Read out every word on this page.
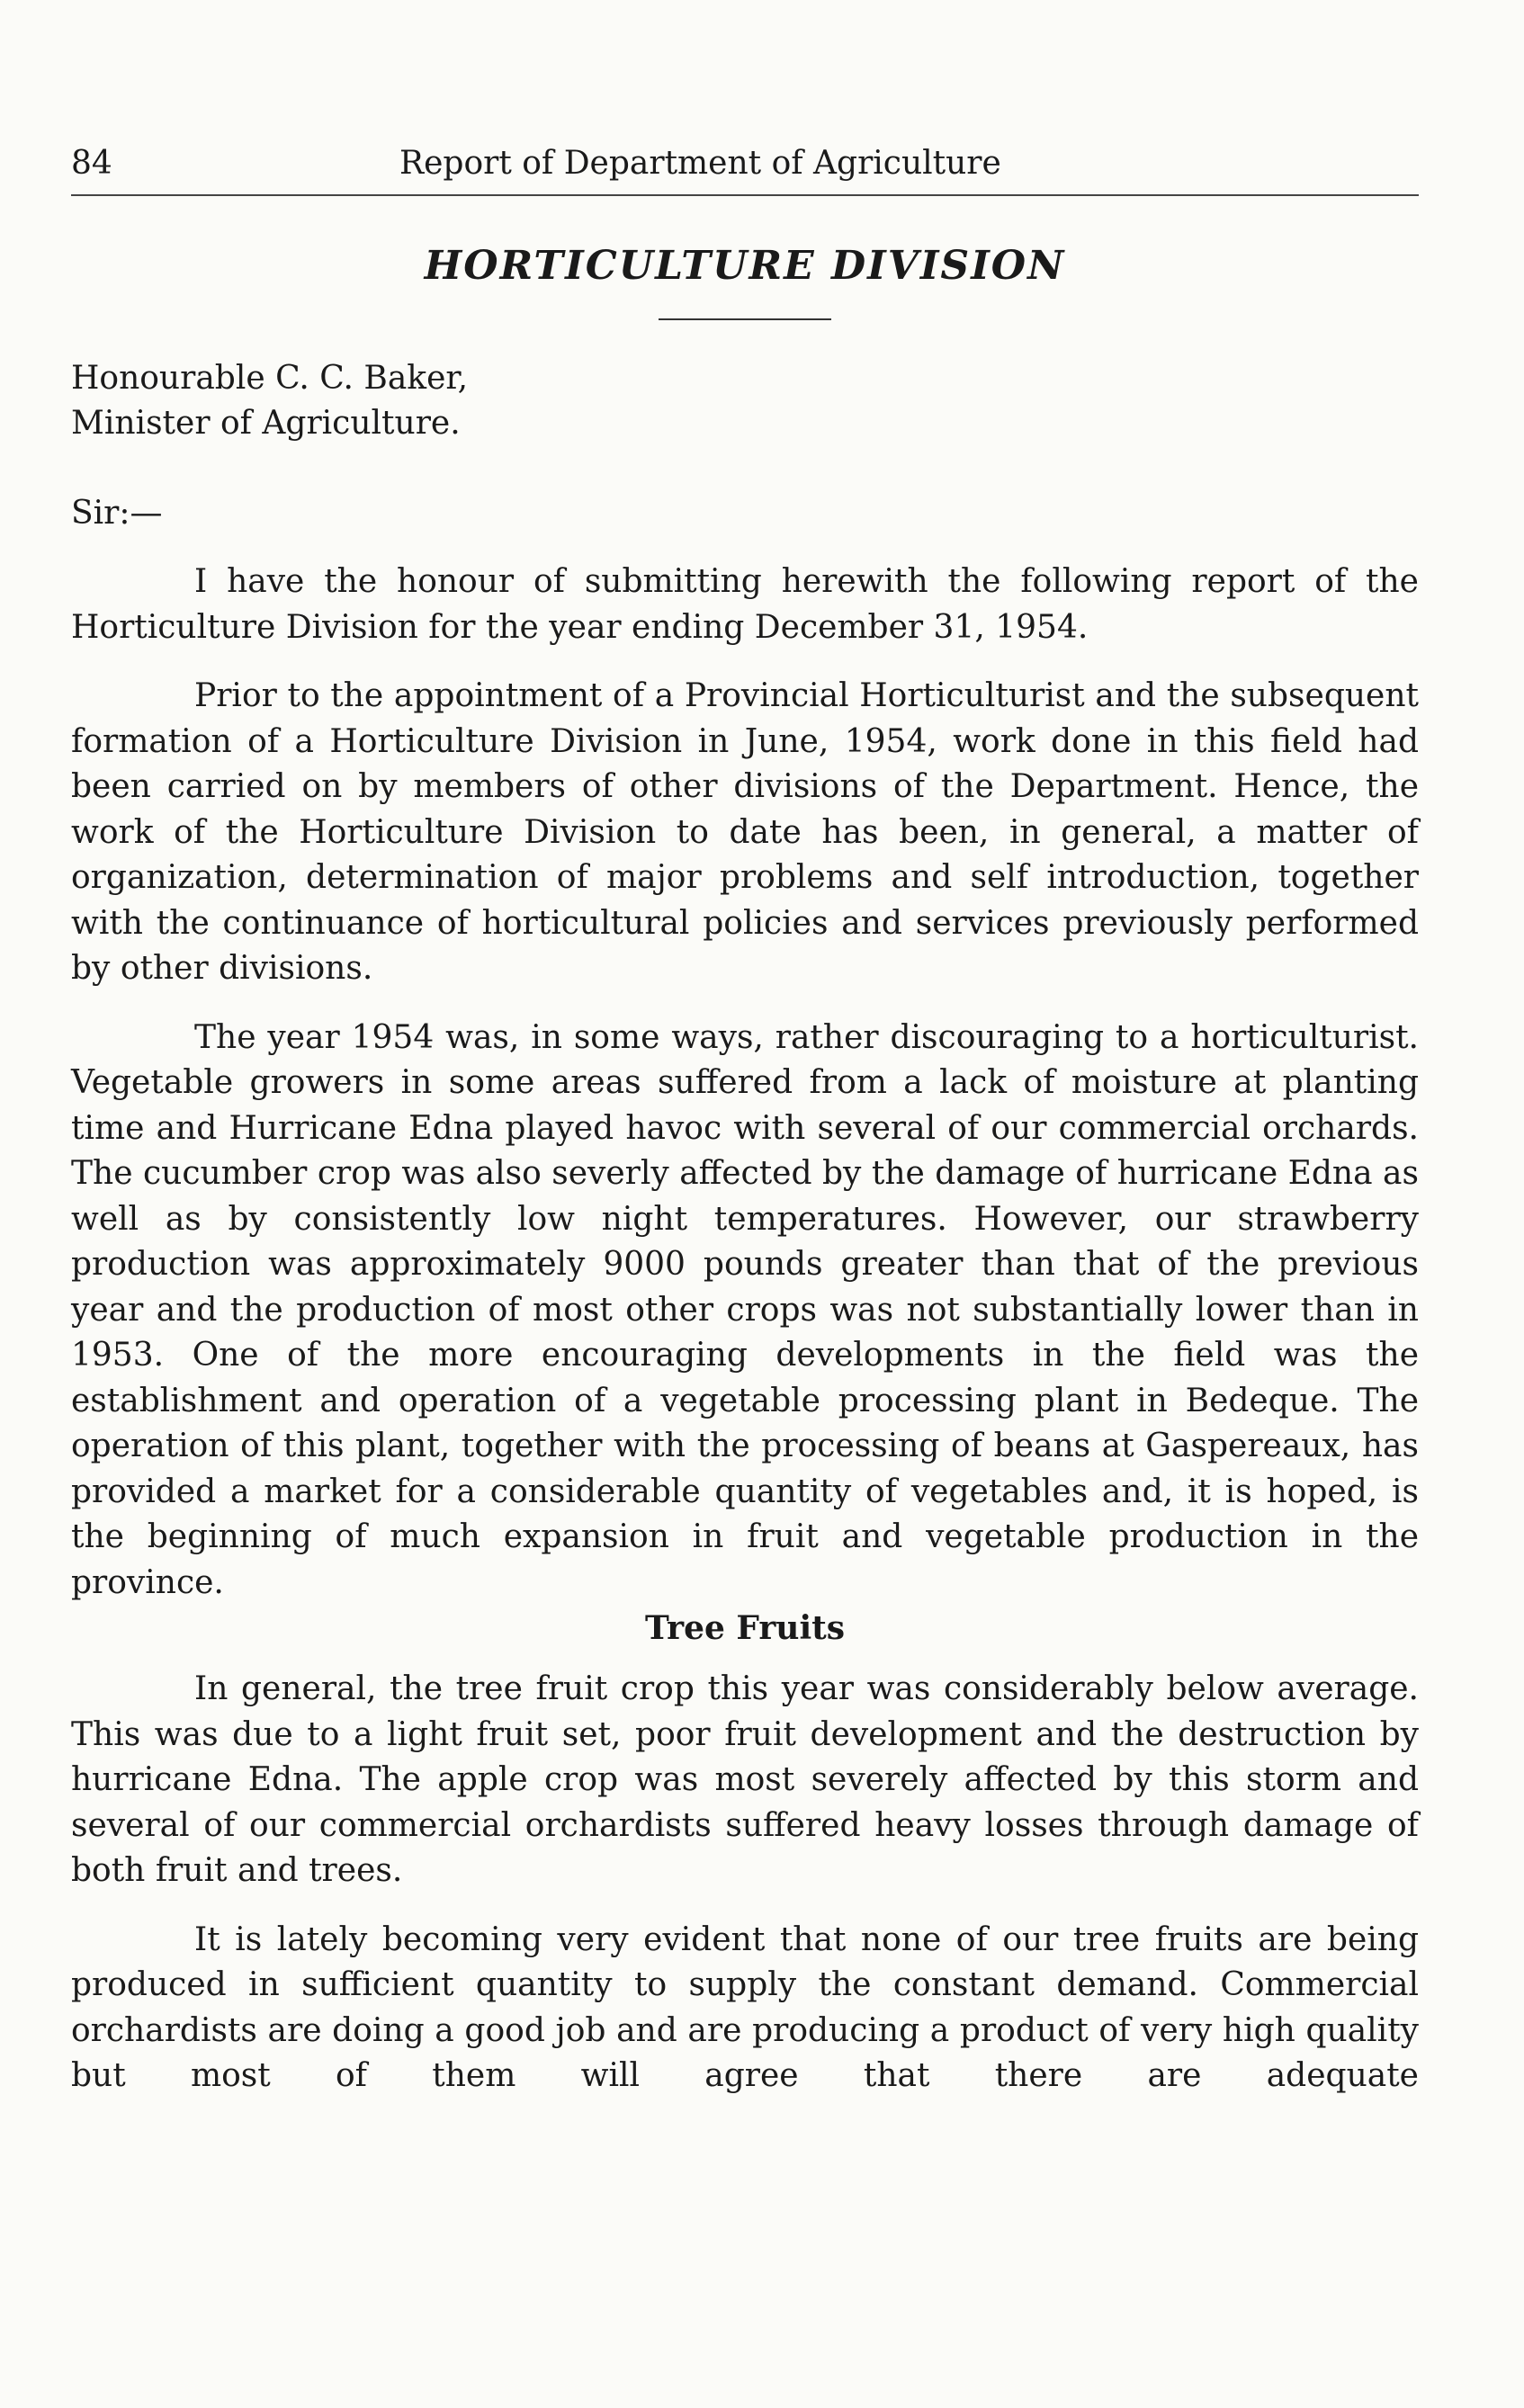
84	Report of Department of Agriculture
HORTICULTURE DIVISION
Honourable C. C. Baker,
Minister of Agriculture.
Sir:—

I have the honour of submitting herewith the following report of the Horticulture Division for the year ending December 31, 1954.

Prior to the appointment of a Provincial Horticulturist and the subsequent formation of a Horticulture Division in June, 1954, work done in this field had been carried on by members of other divisions of the Department. Hence, the work of the Horticulture Division to date has been, in general, a matter of organization, determination of major problems and self introduction, together with the continuance of horticultural policies and services previously performed by other divisions.

The year 1954 was, in some ways, rather discouraging to a horticulturist. Vegetable growers in some areas suffered from a lack of moisture at planting time and Hurricane Edna played havoc with several of our commercial orchards. The cucumber crop was also severly affected by the damage of hurricane Edna as well as by consistently low night temperatures. However, our strawberry production was approximately 9000 pounds greater than that of the previous year and the production of most other crops was not substantially lower than in 1953. One of the more encouraging developments in the field was the establishment and operation of a vegetable processing plant in Bedeque. The operation of this plant, together with the processing of beans at Gaspereaux, has provided a market for a considerable quantity of vegetables and, it is hoped, is the beginning of much expansion in fruit and vegetable production in the province.

Tree Fruits

In general, the tree fruit crop this year was considerably below average. This was due to a light fruit set, poor fruit development and the destruction by hurricane Edna. The apple crop was most severely affected by this storm and several of our commercial orchardists suffered heavy losses through damage of both fruit and trees.

It is lately becoming very evident that none of our tree fruits are being produced in sufficient quantity to supply the constant demand. Commercial orchardists are doing a good job and are producing a product of very high quality but most of them will agree that there are adequate
